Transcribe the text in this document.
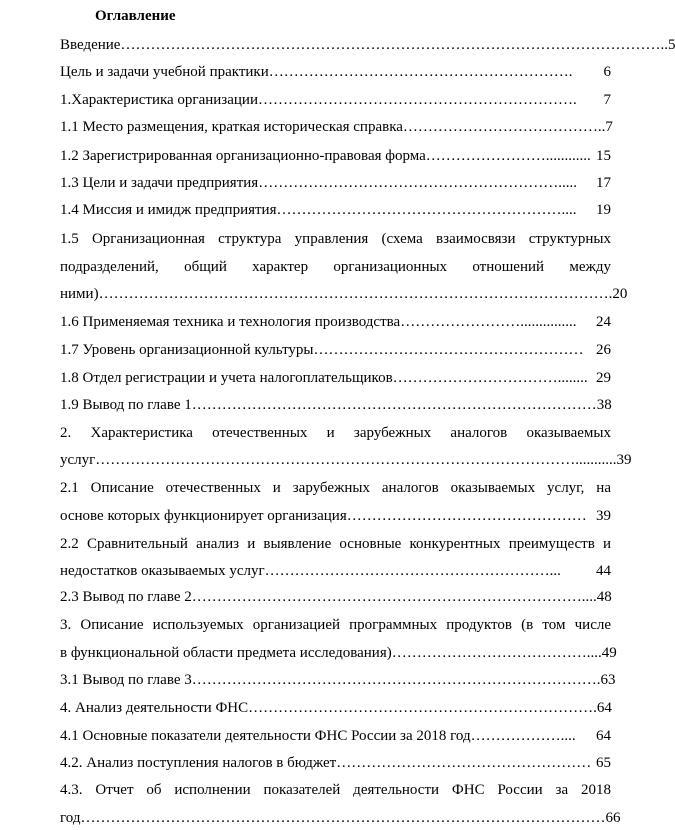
Оглавление
Введение ……………………………………………………………………………………………….. 5
Цель и задачи учебной практики …………………………………………………….	6
1.Характеристика организации ……………………………………………………….	7
1.1 Место размещения, краткая историческая справка ………………………………….. 7
1.2 Зарегистрированная организационно-правовая форма ……………………............ 15
1.3 Цели и задачи предприятия …………………………………………………….....	17
1.4 Миссия и имидж предприятия …………………………………………………....	19
1.5 Организационная структура управления (схема взаимосвязи структурных
подразделений, общий характер организационных отношений между
ними) …………………………………………………………………………………………. 20
1.6 Применяемая техника и технология производства ……………………...............	24
1.7 Уровень организационной культуры ……………………………………………… 26
1.8 Отдел регистрации и учета налогоплательщиков ……………………………........ 29
1.9 Вывод по главе 1 ……………………………………………………………………… 38
2. Характеристика отечественных и зарубежных аналогов оказываемых
услуг ……………………………………………………………………………………........... 39
2.1 Описание отечественных и зарубежных аналогов оказываемых услуг, на
основе которых функционирует организация ………………………………………… 39
2.2 Сравнительный анализ и выявление основные конкурентных преимуществ и
недостатков оказываемых услуг …………………………………………………...	44
2.3 Вывод по главе 2 …………………………………………………………………….... 48
3. Описание используемых организацией программных продуктов (в том числе
в функциональной области предмета исследования) ………………………………….... 49
3.1 Вывод по главе 3 ………………………………………………………………………. 63
4. Анализ деятельности ФНС ……………………………………………………………. 64
4.1 Основные показатели деятельности ФНС России за 2018 год ………………....	64
4.2. Анализ поступления налогов в бюджет …………………………………………… 65
4.3. Отчет об исполнении показателей деятельности ФНС России за 2018
год …………………………………………………………………………………………… 66
